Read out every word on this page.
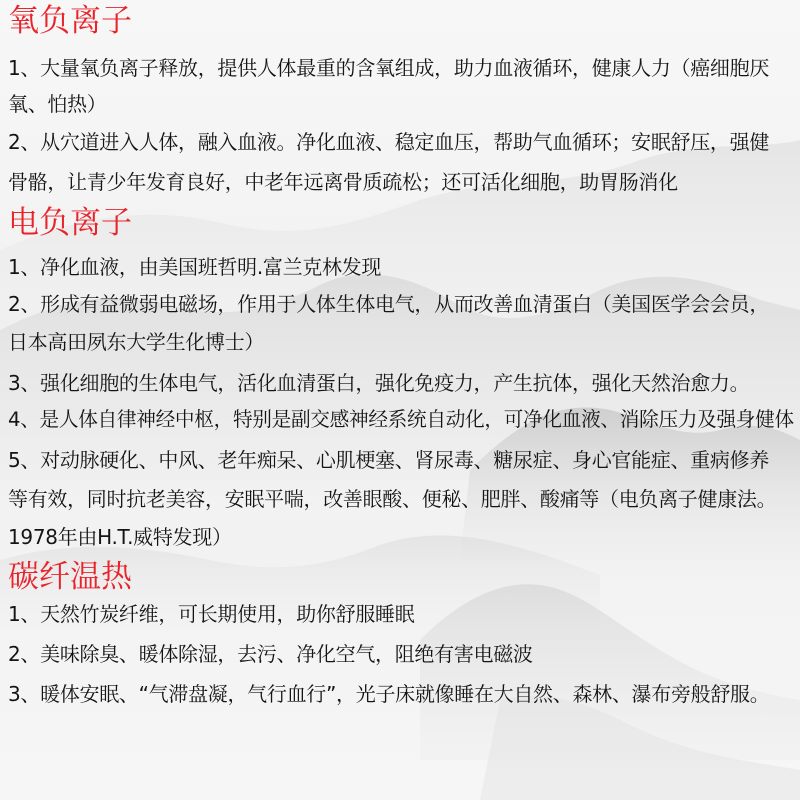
氧负离子

1、大量氧负离子释放，提供人体最重的含氧组成，助力血液循环，健康人力（癌细胞厌

氧、怕热）

2、从穴道进入人体，融入血液。净化血液、稳定血压，帮助气血循环；安眠舒压，强健

骨骼，让青少年发育良好，中老年远离骨质疏松；还可活化细胞，助胃肠消化

电负离子

1、净化血液，由美国班哲明.富兰克林发现

2、形成有益微弱电磁场，作用于人体生体电气，从而改善血清蛋白（美国医学会会员，

日本高田夙东大学生化博士）

3、强化细胞的生体电气，活化血清蛋白，强化免疫力，产生抗体，强化天然治愈力。

4、是人体自律神经中枢，特别是副交感神经系统自动化，可净化血液、消除压力及强身健体

5、对动脉硬化、中风、老年痴呆、心肌梗塞、肾尿毒、糖尿症、身心官能症、重病修养

等有效，同时抗老美容，安眠平喘，改善眼酸、便秘、肥胖、酸痛等（电负离子健康法。

1978年由H.T.威特发现）

碳纤温热

1、天然竹炭纤维，可长期使用，助你舒服睡眠

2、美味除臭、暖体除湿，去污、净化空气，阻绝有害电磁波

3、暖体安眠、“气滞盘凝，气行血行”，光子床就像睡在大自然、森林、瀑布旁般舒服。
